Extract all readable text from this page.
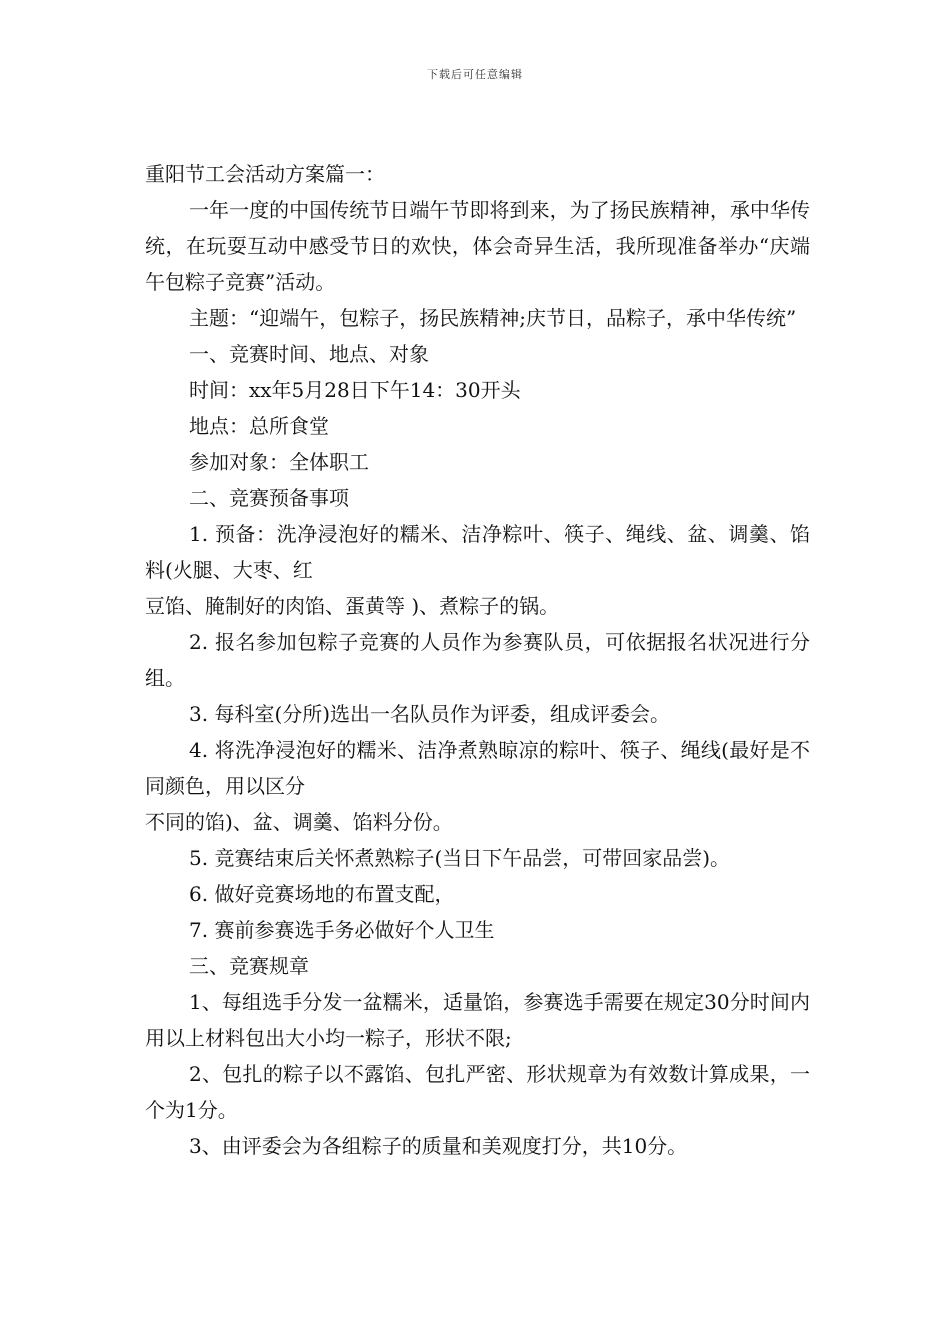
下载后可任意编辑

重阳节工会活动方案篇一：

一年一度的中国传统节日端午节即将到来，为了扬民族精神，承中华传统，在玩耍互动中感受节日的欢快，体会奇异生活，我所现准备举办“庆端午包粽子竞赛”活动。

主题：“迎端午，包粽子，扬民族精神;庆节日，品粽子，承中华传统”

一、竞赛时间、地点、对象

时间：xx年5月28日下午14：30开头

地点：总所食堂

参加对象：全体职工

二、竞赛预备事项

1. 预备：洗净浸泡好的糯米、洁净粽叶、筷子、绳线、盆、调羹、馅料(火腿、大枣、红

豆馅、腌制好的肉馅、蛋黄等 )、煮粽子的锅。

2. 报名参加包粽子竞赛的人员作为参赛队员，可依据报名状况进行分组。

3. 每科室(分所)选出一名队员作为评委，组成评委会。

4. 将洗净浸泡好的糯米、洁净煮熟晾凉的粽叶、筷子、绳线(最好是不同颜色，用以区分

不同的馅)、盆、调羹、馅料分份。

5. 竞赛结束后关怀煮熟粽子(当日下午品尝，可带回家品尝)。

6. 做好竞赛场地的布置支配，

7. 赛前参赛选手务必做好个人卫生

三、竞赛规章

1、每组选手分发一盆糯米，适量馅，参赛选手需要在规定30分时间内用以上材料包出大小均一粽子，形状不限;

2、包扎的粽子以不露馅、包扎严密、形状规章为有效数计算成果，一个为1分。

3、由评委会为各组粽子的质量和美观度打分，共10分。
